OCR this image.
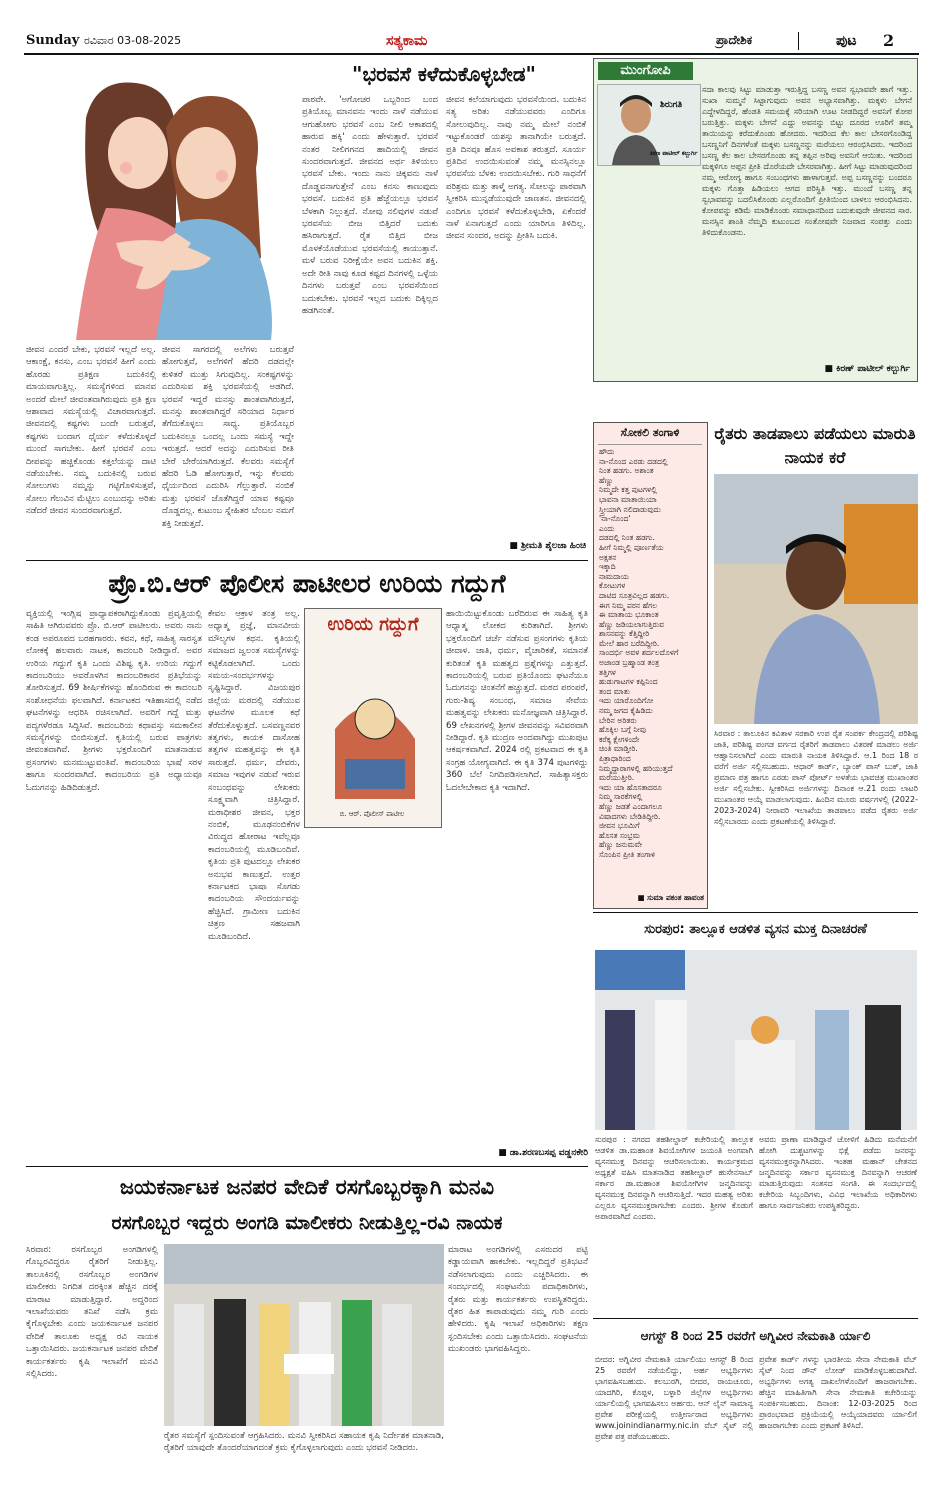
Sunday ರವಿವಾರ 03-08-2025	ಸತ್ಯಕಾಮ	ಪ್ರಾದೇಶಿಕ	ಪುಟ 2
"ಭರವಸೆ ಕಳೆದುಕೊಳ್ಳಬೇಡ"
ಜೀವನ ಎಂದರೆ ಬೇಕು, ಭರವಸೆ ಇಲ್ಲದೆ ಅಲ್ಲ. ಆಕಾಂಕ್ಷೆ, ಕನಸು, ಎಂಬ ಭರವಸೆ ಹೀಗೆ ಎಂದು ಹೊರಡು ಪ್ರತಿಕ್ಷಣ ಬದುಕಿನಲ್ಲಿ ಮಾಯವಾಗುತ್ತಿಲ್ಲ. ಸಮಸ್ಯೆಗಳಿಂದ ಮಾನವ ಅಂದರೆ ಮೇಲೆ ಜೀವಂತವಾಗಿರುವುದು ಪ್ರತಿ ಕ್ಷಣ ಆಶಾವಾದ ಸಮಸ್ಯೆಯಲ್ಲಿ ವಿಚಾರವಾಗುತ್ತದೆ. ಜೀವನದಲ್ಲಿ ಕಷ್ಟಗಳು ಬಂದೇ ಬರುತ್ತವೆ, ಕಷ್ಟಗಳು ಬಂದಾಗ ಧೈರ್ಯ ಕಳೆದುಕೊಳ್ಳದೆ ಮುಂದೆ ಸಾಗಬೇಕು. ಹೀಗೆ ಭರವಸೆ ಎಂಬ ದೀಪವನ್ನು ಹಚ್ಚಿಕೊಂಡು ಕತ್ತಲೆಯನ್ನು ದಾಟಿ ನಡೆಯಬೇಕು. ನಮ್ಮ ಬದುಕಿನಲ್ಲಿ ಬರುವ ಸೋಲುಗಳು ನಮ್ಮನ್ನು ಗಟ್ಟಿಗೊಳಿಸುತ್ತವೆ, ಸೋಲು ಗೆಲುವಿನ ಮೆಟ್ಟಿಲು ಎಂಬುದನ್ನು ಅರಿತು ನಡೆದರೆ ಜೀವನ ಸುಂದರವಾಗುತ್ತದೆ.
ಜೀವನ ಸಾಗರದಲ್ಲಿ ಅಲೆಗಳು ಬರುತ್ತವೆ ಹೋಗುತ್ತವೆ, ಅಲೆಗಳಿಗೆ ಹೆದರಿ ದಡದಲ್ಲೇ ಕುಳಿತರೆ ಮುತ್ತು ಸಿಗುವುದಿಲ್ಲ. ಸಂಕಷ್ಟಗಳನ್ನು ಎದುರಿಸುವ ಶಕ್ತಿ ಭರವಸೆಯಲ್ಲಿ ಅಡಗಿದೆ. ಭರವಸೆ ಇದ್ದರೆ ಮನಸ್ಸು ಶಾಂತವಾಗಿರುತ್ತದೆ, ಮನಸ್ಸು ಶಾಂತವಾಗಿದ್ದರೆ ಸರಿಯಾದ ನಿರ್ಧಾರ ತೆಗೆದುಕೊಳ್ಳಲು ಸಾಧ್ಯ. ಪ್ರತಿಯೊಬ್ಬರ ಬದುಕಿನಲ್ಲೂ ಒಂದಲ್ಲ ಒಂದು ಸಮಸ್ಯೆ ಇದ್ದೇ ಇರುತ್ತದೆ. ಆದರೆ ಅದನ್ನು ಎದುರಿಸುವ ರೀತಿ ಬೇರೆ ಬೇರೆಯಾಗಿರುತ್ತದೆ. ಕೆಲವರು ಸಮಸ್ಯೆಗೆ ಹೆದರಿ ಓಡಿ ಹೋಗುತ್ತಾರೆ, ಇನ್ನು ಕೆಲವರು ಧೈರ್ಯದಿಂದ ಎದುರಿಸಿ ಗೆಲ್ಲುತ್ತಾರೆ. ನಂಬಿಕೆ ಮತ್ತು ಭರವಸೆ ಜೊತೆಗಿದ್ದರೆ ಯಾವ ಕಷ್ಟವೂ ದೊಡ್ಡದಲ್ಲ. ಕುಟುಂಬ ಸ್ನೇಹಿತರ ಬೆಂಬಲ ನಮಗೆ ಶಕ್ತಿ ನೀಡುತ್ತದೆ.
ಪಾಠವೇ. 'ಅಗೋಚರ ಒಬ್ಬರಿಂದ ಬಂದ ಪ್ರತಿಯೊಬ್ಬ ಮಾನವನು ಇಂದು ನಾಳೆ ನಡೆಯುವ ಆಗುಹೋಗು ಭರವಸೆ ಎಂಬ ನೀಲಿ ಆಕಾಶದಲ್ಲಿ ಹಾರುವ ಹಕ್ಕಿ' ಎಂದು ಹೇಳುತ್ತಾರೆ. ಭರವಸೆ ನಂತರ ನೀಲಿಗಗನದ ಹಾದಿಯಲ್ಲಿ ಜೀವನ ಸುಂದರವಾಗುತ್ತದೆ. ಜೀವನದ ಅರ್ಥ ತಿಳಿಯಲು ಭರವಸೆ ಬೇಕು. ಇಂದು ನಾನು ಚಿಕ್ಕವನು ನಾಳೆ ದೊಡ್ಡವನಾಗುತ್ತೇನೆ ಎಂಬ ಕನಸು ಕಾಣುವುದು ಭರವಸೆ. ಬದುಕಿನ ಪ್ರತಿ ಹೆಜ್ಜೆಯಲ್ಲೂ ಭರವಸೆ ಬೆಳಕಾಗಿ ನಿಲ್ಲುತ್ತದೆ. ನೋವು ನಲಿವುಗಳ ನಡುವೆ ಭರವಸೆಯ ಬೀಜ ಬಿತ್ತಿದರೆ ಬದುಕು ಹಸಿರಾಗುತ್ತದೆ. ರೈತ ಬಿತ್ತಿದ ಬೀಜ ಮೊಳಕೆಯೊಡೆಯುವ ಭರವಸೆಯಲ್ಲಿ ಕಾಯುತ್ತಾನೆ. ಮಳೆ ಬರುವ ನಿರೀಕ್ಷೆಯೇ ಅವನ ಬದುಕಿನ ಶಕ್ತಿ. ಅದೇ ರೀತಿ ನಾವು ಕೂಡ ಕಷ್ಟದ ದಿನಗಳಲ್ಲಿ ಒಳ್ಳೆಯ ದಿನಗಳು ಬರುತ್ತವೆ ಎಂಬ ಭರವಸೆಯಿಂದ ಬದುಕಬೇಕು. ಭರವಸೆ ಇಲ್ಲದ ಬದುಕು ದಿಕ್ಕಿಲ್ಲದ ಹಡಗಿನಂತೆ.
ಜೀವನ ಕಲೆಯಾಗುವುದು ಭರವಸೆಯಿಂದ. ಬದುಕಿನ ಸತ್ಯ ಅರಿತು ನಡೆಯುವವರು ಎಂದಿಗೂ ಸೋಲುವುದಿಲ್ಲ. ನಾವು ನಮ್ಮ ಮೇಲೆ ನಂಬಿಕೆ ಇಟ್ಟುಕೊಂಡರೆ ಯಶಸ್ಸು ತಾನಾಗಿಯೇ ಬರುತ್ತದೆ. ಪ್ರತಿ ದಿನವೂ ಹೊಸ ಅವಕಾಶ ತರುತ್ತದೆ. ಸೂರ್ಯ ಪ್ರತಿದಿನ ಉದಯಿಸುವಂತೆ ನಮ್ಮ ಮನಸ್ಸಿನಲ್ಲೂ ಭರವಸೆಯ ಬೆಳಕು ಉದಯಿಸಬೇಕು. ಗುರಿ ಸಾಧನೆಗೆ ಪರಿಶ್ರಮ ಮತ್ತು ತಾಳ್ಮೆ ಅಗತ್ಯ. ಸೋಲನ್ನು ಪಾಠವಾಗಿ ಸ್ವೀಕರಿಸಿ ಮುನ್ನಡೆಯುವುದೇ ಜಾಣತನ. ಜೀವನದಲ್ಲಿ ಎಂದಿಗೂ ಭರವಸೆ ಕಳೆದುಕೊಳ್ಳಬೇಡಿ, ಏಕೆಂದರೆ ನಾಳೆ ಏನಾಗುತ್ತದೆ ಎಂದು ಯಾರಿಗೂ ತಿಳಿದಿಲ್ಲ. ಜೀವನ ಸುಂದರ, ಅದನ್ನು ಪ್ರೀತಿಸಿ ಬದುಕಿ.
■ ಶ್ರೀಮತಿ ಶೈಲಜಾ ಹಿಂಚಿ
ಮುಂಗೋಪಿ
ಶಿರುಗತಿ
ಕಿರಣ ಪಾಟೀಲ್ ಕಲ್ಬುರ್ಗಿ
ಸದಾ ಕಾಲವು ಸಿಟ್ಟು ಮಾಡುತ್ತಾ ಇರುತ್ತಿದ್ದ ಬಸಣ್ಣ ಅವನ ಸ್ವಭಾವವೇ ಹಾಗೆ ಇತ್ತು. ಸುಖಾ ಸುಮ್ಮನೆ ಸಿಟ್ಟಾಗುವುದು ಅವನ ಅಭ್ಯಾಸವಾಗಿತ್ತು. ಮಕ್ಕಳು ಬೇಗನೆ ಎದ್ದೇಳದಿದ್ದರೆ, ಹೆಂಡತಿ ಸಮಯಕ್ಕೆ ಸರಿಯಾಗಿ ಊಟ ನೀಡದಿದ್ದರೆ ಅವನಿಗೆ ಕೋಪ ಬರುತ್ತಿತ್ತು. ಮಕ್ಕಳು ಬೇಗನೆ ಎದ್ದು ಅವನನ್ನು ಬಿಟ್ಟು ದೂರದ ಊರಿಗೆ ತಮ್ಮ ತಾಯಿಯನ್ನು ಕರೆದುಕೊಂಡು ಹೋದರು. ಇದರಿಂದ ಕೆಲ ಕಾಲ ಬೇಸರಗೊಂಡಿದ್ದ ಬಸಣ್ಣನಿಗೆ ದಿನಗಳೆಂತೆ ಮಕ್ಕಳು ಬಸಣ್ಣನನ್ನು ಮರೆಯಲು ಆರಂಭಿಸಿದರು. ಇದರಿಂದ ಬಸಣ್ಣ ಕೆಲ ಕಾಲ ಬೇಸರಗೊಂಡು ತನ್ನ ತಪ್ಪಿನ ಅರಿವು ಅವನಿಗೆ ಆಯಿತು. ಇದರಿಂದ ಮಕ್ಕಳಿಗೂ ಅಪ್ಪನ ಪ್ರೀತಿ ದೊರೆಯದೇ ಬೇಸರವಾಗಿತ್ತು. ಹೀಗೆ ಸಿಟ್ಟು ಮಾಡುವುದರಿಂದ ನಮ್ಮ ಆರೋಗ್ಯ ಹಾಗೂ ಸಂಬಂಧಗಳು ಹಾಳಾಗುತ್ತವೆ. ಅಪ್ಪ ಬಸಣ್ಣನನ್ನು ಬಂದರೂ ಮಕ್ಕಳು ಗೊತ್ತಾ ಹಿಡಿಯಲು ಆಗದ ಪರಿಸ್ಥಿತಿ ಇತ್ತು. ಮುಂದೆ ಬಸಣ್ಣ ತನ್ನ ಸ್ವಭಾವವನ್ನು ಬದಲಿಸಿಕೊಂಡು ಎಲ್ಲರೊಂದಿಗೆ ಪ್ರೀತಿಯಿಂದ ಬಾಳಲು ಆರಂಭಿಸಿದನು. ಕೋಪವನ್ನು ಕಡಿಮೆ ಮಾಡಿಕೊಂಡು ಸಮಾಧಾನದಿಂದ ಬದುಕುವುದೇ ಜೀವನದ ಸಾರ. ಮನಸ್ಸಿನ ಶಾಂತಿ ನೆಮ್ಮದಿ ಕುಟುಂಬದ ಸಂತೋಷವೇ ನಿಜವಾದ ಸಂಪತ್ತು ಎಂದು ತಿಳಿದುಕೊಂಡನು.
■ ಕಿರಣ್ ಪಾಟೀಲ್ ಕಲ್ಬುರ್ಗಿ
ಸೋಕಲಿ ತಂಗಾಳಿ
ಹೌದು
ನಾ-ನೊಂದ ಎರಡು ದಡದಲ್ಲಿ
ನಿಂತ ಹಡಗು. ಅಶಾಂತ
ಹೆಣ್ಣು
ನಿಮ್ಮದೇ ಕತ್ತ ಪುಟಗಳಲ್ಲಿ
ಭಾವನಾ ಮಾತಾಯಿಯಾ
ಸ್ತ್ರೀಯಾಗಿ ನಲಿದಾಡುವುದು
'ನಾ-ನೊಂದ'
ಎಂದು
ದಡದಲ್ಲಿ ನಿಂತ ಹಡಗು.
ಹೀಗೆ ನಿಮ್ಮಲ್ಲಿ ಪೂರ್ಣತೆಯ
ಅಕ್ಷತನ
ಇಕ್ಕಾದಿ
ನಾಮದಾಯ
ಕೋಟುಗಳ
ದಾಟಿದ ಸೂತ್ರವಿಲ್ಲದ ಹಡಗು.
ಈಗ ನಿಮ್ಮ ಪರನ ಹೆಗಲ
ಈ ಮಾತಾಯ ಭೂಕಾಂತ
ಹೆಣ್ಣು ಜಡಿಯಲಾಗುತ್ತಿರುವ
ಶಾಸನವನ್ನು ಕೆತ್ತಿದ್ದೀರಿ
ಮೇಲೆ ಹಾರ ಬರೆದಿದ್ದೀರಿ.
ಸಾಂದರ್ಭಿ ಅವಳ ಶರ್ದಲದೊಳಗೆ
ಅಜಾಂಡ ಬ್ರಹ್ಮಾಂಡ ತಂತ್ರ
ತತ್ತಿಗಳ
ಹುಡುಗಾಟಗಳ ಕಪ್ಪಿನಿಂದ
ತಂದ ಮಾತು
ಇದು ಯಾರೊಂದಿಗೋ
ನಮ್ಮ ಜಗದ ಕೈಹಿಡಿದು
ಬೇರಿನ ಅರಿತರು
ಹೊಕ್ಕಿಲ ಬಗ್ಗೆ ನೀವು
ಕರೆಕ್ಕ ಕ್ಷೇಗಳಿಂದೇ
ಚಿಂತಿ ಮಾಡ್ತೀರಿ.
ಪಿತ್ರಾಧಾರಿಂದ
ನಿಮ್ಮದ್ದಾರಾಗಳಲ್ಲಿ ಹರಿಯುತ್ತದೆ
ಮರೆಯುತ್ತೀರಿ.
ಇದು ಯಾ ಹೊಸತಾದರೂ
ನಿಮ್ಮ ಸಾರಕೆಗಳಲ್ಲಿ
ಹೆಣ್ಣು ಜಡತೆ ಎಂದಾಗಲೂ
ವಿಷಾದಗಳು ಬೇಡಿತಿದ್ದೀರಿ.
ಜೀವನ ಭೂಮಿಗೆ
ಹೊಸತ ಸಂಭ್ರಮ
ಹೆಣ್ಣು ಜನುಮವೇ
ಸೊಂಪಿನ ಪ್ರೀತಿ ತಂಗಾಳಿ
■ ಸುಮಾ ಪಕಂತ ಹಾವಂತ
ರೈತರು ತಾಡಪಾಲು ಪಡೆಯಲು ಮಾರುತಿ ನಾಯಕ ಕರೆ
ಸಿರವಾರ : ತಾಲೂಕಿನ ಕವಿತಾಳ ಸರಕಾರಿ ಉಪ ರೈತ ಸಂಪರ್ಕ ಕೇಂದ್ರದಲ್ಲಿ ಪರಿಶಿಷ್ಟ ಜಾತಿ, ಪರಿಶಿಷ್ಟ ಪಂಗಡ ವರ್ಗದ ರೈತರಿಗೆ ತಾಡಪಾಲು ವಿತರಣೆ ಮಾಡಲು ಅರ್ಜಿ ಆಹ್ವಾನಿಸಲಾಗಿದೆ ಎಂದು ಮಾರುತಿ ನಾಯಕ ತಿಳಿಸಿದ್ದಾರೆ. ಆ.1 ರಿಂದ 18 ರ ವರೆಗೆ ಅರ್ಜಿ ಸಲ್ಲಿಸಬಹುದು. ಆಧಾರ್ ಕಾರ್ಡ್, ಬ್ಯಾಂಕ್ ಪಾಸ್ ಬುಕ್, ಜಾತಿ ಪ್ರಮಾಣ ಪತ್ರ ಹಾಗೂ ಎರಡು ಪಾಸ್ ಪೋರ್ಟ್ ಅಳತೆಯ ಭಾವಚಿತ್ರ ಮುಖಾಂತರ ಅರ್ಜಿ ಸಲ್ಲಿಸಬೇಕು. ಸ್ವೀಕರಿಸಿದ ಅರ್ಜಿಗಳನ್ನು ದಿನಾಂಕ ಆ.21 ರಂದು ಲಾಟರಿ ಮುಖಾಂತರ ಆಯ್ಕೆ ಮಾಡಲಾಗುವುದು. ಹಿಂದಿನ ಮೂರು ವರ್ಷಗಳಲ್ಲಿ (2022-2023-2024) ನೀರಾವರಿ ಇಲಾಖೆಯ ತಾಡಪಾಲು ಪಡೆದ ರೈತರು ಅರ್ಜಿ ಸಲ್ಲಿಸಬಾರದು ಎಂದು ಪ್ರಕಟಣೆಯಲ್ಲಿ ತಿಳಿಸಿದ್ದಾರೆ.
ಪ್ರೊ.ಬಿ.ಆರ್ ಪೊಲೀಸ ಪಾಟೀಲರ ಉರಿಯ ಗದ್ದುಗೆ
ವ್ಯಕ್ತಿಯಲ್ಲಿ ಇಂಗ್ಲಿಷ ಪ್ರಾಧ್ಯಾಪಕರಾಗಿದ್ದುಕೊಂಡು ಪ್ರವೃತ್ತಿಯಲ್ಲಿ ಸಾಹಿತಿ ಆಗಿರುವವರು ಪ್ರೊ. ಬಿ.ಆರ್ ಪಾಟೀಲರು. ಅವರು ನಾನು ಕಂಡ ಅಪರೂಪದ ಬರಹಗಾರರು. ಕವನ, ಕಥೆ, ಸಾಹಿತ್ಯ ಸಾರಸ್ವತ ಲೋಕಕ್ಕೆ ಹಲವಾರು ನಾಟಕ, ಕಾದಂಬರಿ ನೀಡಿದ್ದಾರೆ. ಅವರ ಉರಿಯ ಗದ್ದುಗೆ ಕೃತಿ ಒಂದು ವಿಶಿಷ್ಟ ಕೃತಿ. ಉರಿಯ ಗದ್ದುಗೆ ಕಾದಂಬರಿಯು ಅವರೊಳಗಿನ ಕಾದಂಬರಿಕಾರನ ಪ್ರತಿಭೆಯನ್ನು ತೋರಿಸುತ್ತದೆ. 69 ಶೀರ್ಷಿಕೆಗಳನ್ನು ಹೊಂದಿರುವ ಈ ಕಾದಂಬರಿ ಸಂಶೋಧನೆಯ ಫಲವಾಗಿದೆ. ಕರ್ನಾಟಕದ ಇತಿಹಾಸದಲ್ಲಿ ನಡೆದ ಘಟನೆಗಳನ್ನು ಆಧರಿಸಿ ರಚಿಸಲಾಗಿದೆ. ಅವರಿಗೆ ಗದ್ದೆ ಮತ್ತು ಪದ್ಯಗಳೆರಡೂ ಸಿದ್ಧಿಸಿವೆ. ಕಾದಂಬರಿಯ ಕಥಾವಸ್ತು ಸಮಕಾಲೀನ ಸಮಸ್ಯೆಗಳನ್ನು ಬಿಂಬಿಸುತ್ತದೆ. ಕೃತಿಯಲ್ಲಿ ಬರುವ ಪಾತ್ರಗಳು ಜೀವಂತವಾಗಿವೆ. ಶ್ರೀಗಳು ಭಕ್ತರೊಂದಿಗೆ ಮಾತನಾಡುವ ಪ್ರಸಂಗಗಳು ಮನಮುಟ್ಟುವಂತಿವೆ. ಕಾದಂಬರಿಯ ಭಾಷೆ ಸರಳ ಹಾಗೂ ಸುಂದರವಾಗಿದೆ. ಕಾದಂಬರಿಯ ಪ್ರತಿ ಅಧ್ಯಾಯವೂ ಓದುಗನನ್ನು ಹಿಡಿದಿಡುತ್ತದೆ.
ಕೇವಲ ಆಕ್ರಾಳ ತಂತ್ರ ಅಲ್ಲ. ಅಧ್ಯಾತ್ಮ ಪ್ರಜ್ಞೆ, ಮಾನವೀಯ ಮೌಲ್ಯಗಳ ಕಥನ. ಕೃತಿಯಲ್ಲಿ ಸಮಾಜದ ಜ್ವಲಂತ ಸಮಸ್ಯೆಗಳನ್ನು ಕಟ್ಟಿಕೊಡಲಾಗಿದೆ. ಒಂದು ಸಮಯ-ಸಂದರ್ಭಗಳನ್ನು ಸೃಷ್ಟಿಸಿದ್ದಾರೆ. ವಿಜಯಪುರ ಜಿಲ್ಲೆಯ ಮಠದಲ್ಲಿ ನಡೆಯುವ ಘಟನೆಗಳ ಮೂಲಕ ಕಥೆ ತೆರೆದುಕೊಳ್ಳುತ್ತದೆ. ಬಸವಣ್ಣನವರ ತತ್ವಗಳು, ಕಾಯಕ ದಾಸೋಹ ತತ್ವಗಳ ಮಹತ್ವವನ್ನು ಈ ಕೃತಿ ಸಾರುತ್ತದೆ. ಧರ್ಮ, ದೇವರು, ಸಮಾಜ ಇವುಗಳ ನಡುವೆ ಇರುವ ಸಂಬಂಧವನ್ನು ಲೇಖಕರು ಸೂಕ್ಷ್ಮವಾಗಿ ಚಿತ್ರಿಸಿದ್ದಾರೆ. ಮಠಾಧೀಶರ ಜೀವನ, ಭಕ್ತರ ನಂಬಿಕೆ, ಮೂಢನಂಬಿಕೆಗಳ ವಿರುದ್ಧದ ಹೋರಾಟ ಇವೆಲ್ಲವೂ ಕಾದಂಬರಿಯಲ್ಲಿ ಮೂಡಿಬಂದಿವೆ. ಕೃತಿಯ ಪ್ರತಿ ಪುಟದಲ್ಲೂ ಲೇಖಕರ ಅನುಭವ ಕಾಣುತ್ತದೆ. ಉತ್ತರ ಕರ್ನಾಟಕದ ಭಾಷಾ ಸೊಗಡು ಕಾದಂಬರಿಯ ಸೌಂದರ್ಯವನ್ನು ಹೆಚ್ಚಿಸಿದೆ. ಗ್ರಾಮೀಣ ಬದುಕಿನ ಚಿತ್ರಣ ಸಹಜವಾಗಿ ಮೂಡಿಬಂದಿದೆ.
ಉರಿಯ ಗದ್ದುಗೆ
ಬಿ. ಆರ್. ಪೊಲೀಸ್ ಪಾಟೀಲ
ಹಾಯಿಯಿಟ್ಟುಕೊಂಡು ಬರೆದಿರುವ ಈ ಸಾಹಿತ್ಯ ಕೃತಿ ಆಧ್ಯಾತ್ಮ ಲೋಕದ ಕುರಿತಾಗಿದೆ. ಶ್ರೀಗಳು ಭಕ್ತರೊಂದಿಗೆ ಚರ್ಚೆ ನಡೆಸುವ ಪ್ರಸಂಗಗಳು ಕೃತಿಯ ಜೀವಾಳ. ಜಾತಿ, ಧರ್ಮ, ವೈಚಾರಿಕತೆ, ಸಮಾನತೆ ಕುರಿತಂತೆ ಕೃತಿ ಮಹತ್ವದ ಪ್ರಶ್ನೆಗಳನ್ನು ಎತ್ತುತ್ತದೆ. ಕಾದಂಬರಿಯಲ್ಲಿ ಬರುವ ಪ್ರತಿಯೊಂದು ಘಟನೆಯೂ ಓದುಗನನ್ನು ಚಿಂತನೆಗೆ ಹಚ್ಚುತ್ತದೆ. ಮಠದ ಪರಂಪರೆ, ಗುರು-ಶಿಷ್ಯ ಸಂಬಂಧ, ಸಮಾಜ ಸೇವೆಯ ಮಹತ್ವವನ್ನು ಲೇಖಕರು ಮನೋಜ್ಞವಾಗಿ ಚಿತ್ರಿಸಿದ್ದಾರೆ. 69 ಲೇಖನಗಳಲ್ಲಿ ಶ್ರೀಗಳ ಜೀವನವನ್ನು ಸವಿವರವಾಗಿ ನೀಡಿದ್ದಾರೆ. ಕೃತಿ ಮುದ್ರಣ ಅಂದವಾಗಿದ್ದು ಮುಖಪುಟ ಆಕರ್ಷಕವಾಗಿದೆ. 2024 ರಲ್ಲಿ ಪ್ರಕಟವಾದ ಈ ಕೃತಿ ಸಂಗ್ರಹ ಯೋಗ್ಯವಾಗಿದೆ. ಈ ಕೃತಿ 374 ಪುಟಗಳಿದ್ದು 360 ಬೆಲೆ ನಿಗದಿಪಡಿಸಲಾಗಿದೆ. ಸಾಹಿತ್ಯಾಸಕ್ತರು ಓದಲೇಬೇಕಾದ ಕೃತಿ ಇದಾಗಿದೆ.
■ ಡಾ.ಶರಣಬಸಪ್ಪ ವಡ್ಡನಕೇರಿ
ಸುರಪುರ: ತಾಲ್ಲೂಕ ಆಡಳಿತ ವ್ಯಸನ ಮುಕ್ತ ದಿನಾಚರಣೆ
ಸುರಪುರ : ನಗರದ ತಹಶೀಲ್ದಾರ್ ಕಚೇರಿಯಲ್ಲಿ ತಾಲ್ಲೂಕ ಆಡಳಿತ ಡಾ.ಮಹಾಂತ ಶಿವಯೋಗಿಗಳ ಜಯಂತಿ ಅಂಗವಾಗಿ ವ್ಯಸನಮುಕ್ತ ದಿನವನ್ನು ಆಚರಿಸಲಾಯಿತು. ಕಾರ್ಯಕ್ರಮದ ಅಧ್ಯಕ್ಷತೆ ವಹಿಸಿ ಮಾತನಾಡಿದ ತಹಶೀಲ್ದಾರ್ ಹುಸೇನಸಾಬ್ ಸರ್ಕಾರ ಡಾ.ಮಹಾಂತ ಶಿವಯೋಗಿಗಳ ಜನ್ಮದಿನವನ್ನು ವ್ಯಸನಮುಕ್ತ ದಿನವನ್ನಾಗಿ ಆಚರಿಸುತ್ತಿದೆ. ಇದರ ಮಹತ್ವ ಅರಿತು ಎಲ್ಲರೂ ವ್ಯಸನಮುಕ್ತರಾಗಬೇಕು ಎಂದರು. ಶ್ರೀಗಳ ಕೊಡುಗೆ ಅಪಾರವಾಗಿದೆ ಎಂದರು.
ಅವರು ಪ್ರಾಣಾ ಮಾಡಿದ್ದಾರೆ ಜೋಳಿಗೆ ಹಿಡಿದು ಮನೆಮನೆಗೆ ಹೋಗಿ ದುಶ್ಚಟಗಳನ್ನು ಭಿಕ್ಷೆ ಪಡೆದು ಜನರನ್ನು ವ್ಯಸನಮುಕ್ತರನ್ನಾಗಿಸಿದರು. ಇಂತಹ ಮಹಾನ್ ಚೇತನದ ಜನ್ಮದಿನವನ್ನು ಸರ್ಕಾರ ವ್ಯಸನಮುಕ್ತ ದಿನವನ್ನಾಗಿ ಆಚರಣೆ ಮಾಡುತ್ತಿರುವುದು ಸಂತಸದ ಸಂಗತಿ. ಈ ಸಂದರ್ಭದಲ್ಲಿ ಕಚೇರಿಯ ಸಿಬ್ಬಂದಿಗಳು, ವಿವಿಧ ಇಲಾಖೆಯ ಅಧಿಕಾರಿಗಳು ಹಾಗೂ ಸಾರ್ವಜನಿಕರು ಉಪಸ್ಥಿತರಿದ್ದರು.
ಜಯಕರ್ನಾಟಕ ಜನಪರ ವೇದಿಕೆ ರಸಗೊಬ್ಬರಕ್ಕಾಗಿ ಮನವಿ
ರಸಗೊಬ್ಬರ ಇದ್ದರು ಅಂಗಡಿ ಮಾಲೀಕರು ನೀಡುತ್ತಿಲ್ಲ-ರವಿ ನಾಯಕ
ಸಿರವಾರ: ರಸಗೊಬ್ಬರ ಅಂಗಡಿಗಳಲ್ಲಿ ಗೊಬ್ಬರವಿದ್ದರೂ ರೈತರಿಗೆ ನೀಡುತ್ತಿಲ್ಲ. ತಾಲೂಕಿನಲ್ಲಿ ರಸಗೊಬ್ಬರ ಅಂಗಡಿಗಳ ಮಾಲೀಕರು ನಿಗದಿತ ದರಕ್ಕಿಂತ ಹೆಚ್ಚಿನ ದರಕ್ಕೆ ಮಾರಾಟ ಮಾಡುತ್ತಿದ್ದಾರೆ. ಅದ್ದರಿಂದ ಇಲಾಖೆಯವರು ತನಿಖೆ ನಡೆಸಿ ಕ್ರಮ ಕೈಗೊಳ್ಳಬೇಕು ಎಂದು ಜಯಕರ್ನಾಟಕ ಜನಪರ ವೇದಿಕೆ ತಾಲೂಕು ಅಧ್ಯಕ್ಷ ರವಿ ನಾಯಕ ಒತ್ತಾಯಿಸಿದರು. ಜಯಕರ್ನಾಟಕ ಜನಪರ ವೇದಿಕೆ ಕಾರ್ಯಕರ್ತರು ಕೃಷಿ ಇಲಾಖೆಗೆ ಮನವಿ ಸಲ್ಲಿಸಿದರು.
ರೈತರ ಸಮಸ್ಯೆಗೆ ಸ್ಪಂದಿಸುವಂತೆ ಆಗ್ರಹಿಸಿದರು. ಮನವಿ ಸ್ವೀಕರಿಸಿದ ಸಹಾಯಕ ಕೃಷಿ ನಿರ್ದೇಶಕ ಮಾತನಾಡಿ, ರೈತರಿಗೆ ಯಾವುದೇ ತೊಂದರೆಯಾಗದಂತೆ ಕ್ರಮ ಕೈಗೊಳ್ಳಲಾಗುವುದು ಎಂದು ಭರವಸೆ ನೀಡಿದರು.
ಮಾರಾಟ ಅಂಗಡಿಗಳಲ್ಲಿ ಎಸರುದರ ಪಟ್ಟಿ ಕಡ್ಡಾಯವಾಗಿ ಹಾಕಬೇಕು. ಇಲ್ಲದಿದ್ದರೆ ಪ್ರತಿಭಟನೆ ನಡೆಸಲಾಗುವುದು ಎಂದು ಎಚ್ಚರಿಸಿದರು. ಈ ಸಂದರ್ಭದಲ್ಲಿ ಸಂಘಟನೆಯ ಪದಾಧಿಕಾರಿಗಳು, ರೈತರು ಮತ್ತು ಕಾರ್ಯಕರ್ತರು ಉಪಸ್ಥಿತರಿದ್ದರು. ರೈತರ ಹಿತ ಕಾಪಾಡುವುದು ನಮ್ಮ ಗುರಿ ಎಂದು ಹೇಳಿದರು. ಕೃಷಿ ಇಲಾಖೆ ಅಧಿಕಾರಿಗಳು ತಕ್ಷಣ ಸ್ಪಂದಿಸಬೇಕು ಎಂದು ಒತ್ತಾಯಿಸಿದರು. ಸಂಘಟನೆಯ ಮುಖಂಡರು ಭಾಗವಹಿಸಿದ್ದರು.
ಆಗಸ್ಟ್ 8 ರಿಂದ 25 ರವರೆಗೆ ಅಗ್ನಿವೀರ ನೇಮಕಾತಿ ರ್ಯಾಲಿ
ಬೀದರ: ಅಗ್ನಿವೀರ ನೇಮಕಾತಿ ರ್ಯಾಲಿಯು ಆಗಸ್ಟ್ 8 ರಿಂದ 25 ರವರೆಗೆ ನಡೆಯಲಿದ್ದು, ಅರ್ಹ ಅಭ್ಯರ್ಥಿಗಳು ಭಾಗವಹಿಸಬಹುದು. ಕಲಬುರಗಿ, ಬೀದರ, ರಾಯಚೂರು, ಯಾದಗಿರಿ, ಕೊಪ್ಪಳ, ಬಳ್ಳಾರಿ ಜಿಲ್ಲೆಗಳ ಅಭ್ಯರ್ಥಿಗಳು ರ್ಯಾಲಿಯಲ್ಲಿ ಭಾಗವಹಿಸಲು ಅರ್ಹರು. ಆನ್ ಲೈನ್ ಸಾಮಾನ್ಯ ಪ್ರವೇಶ ಪರೀಕ್ಷೆಯಲ್ಲಿ ಉತ್ತೀರ್ಣರಾದ ಅಭ್ಯರ್ಥಿಗಳು www.joinindianarmy.nic.in ವೆಬ್ ಸೈಟ್ ನಲ್ಲಿ ಪ್ರವೇಶ ಪತ್ರ ಪಡೆಯಬಹುದು.
ಪ್ರವೇಶ ಕಾರ್ಡ್ ಗಳನ್ನು ಭಾರತೀಯ ಸೇನಾ ನೇಮಕಾತಿ ವೆಬ್ ಸೈಟ್ ನಿಂದ ಡೌನ್ ಲೋಡ್ ಮಾಡಿಕೊಳ್ಳಬಹುದಾಗಿದೆ. ಅಭ್ಯರ್ಥಿಗಳು ಅಗತ್ಯ ದಾಖಲೆಗಳೊಂದಿಗೆ ಹಾಜರಾಗಬೇಕು. ಹೆಚ್ಚಿನ ಮಾಹಿತಿಗಾಗಿ ಸೇನಾ ನೇಮಕಾತಿ ಕಚೇರಿಯನ್ನು ಸಂಪರ್ಕಿಸಬಹುದು. ದಿನಾಂಕ: 12-03-2025 ರಿಂದ ಪ್ರಾರಂಭವಾದ ಪ್ರಕ್ರಿಯೆಯಲ್ಲಿ ಆಯ್ಕೆಯಾದವರು ರ್ಯಾಲಿಗೆ ಹಾಜರಾಗಬೇಕು ಎಂದು ಪ್ರಕಟಣೆ ತಿಳಿಸಿದೆ.
